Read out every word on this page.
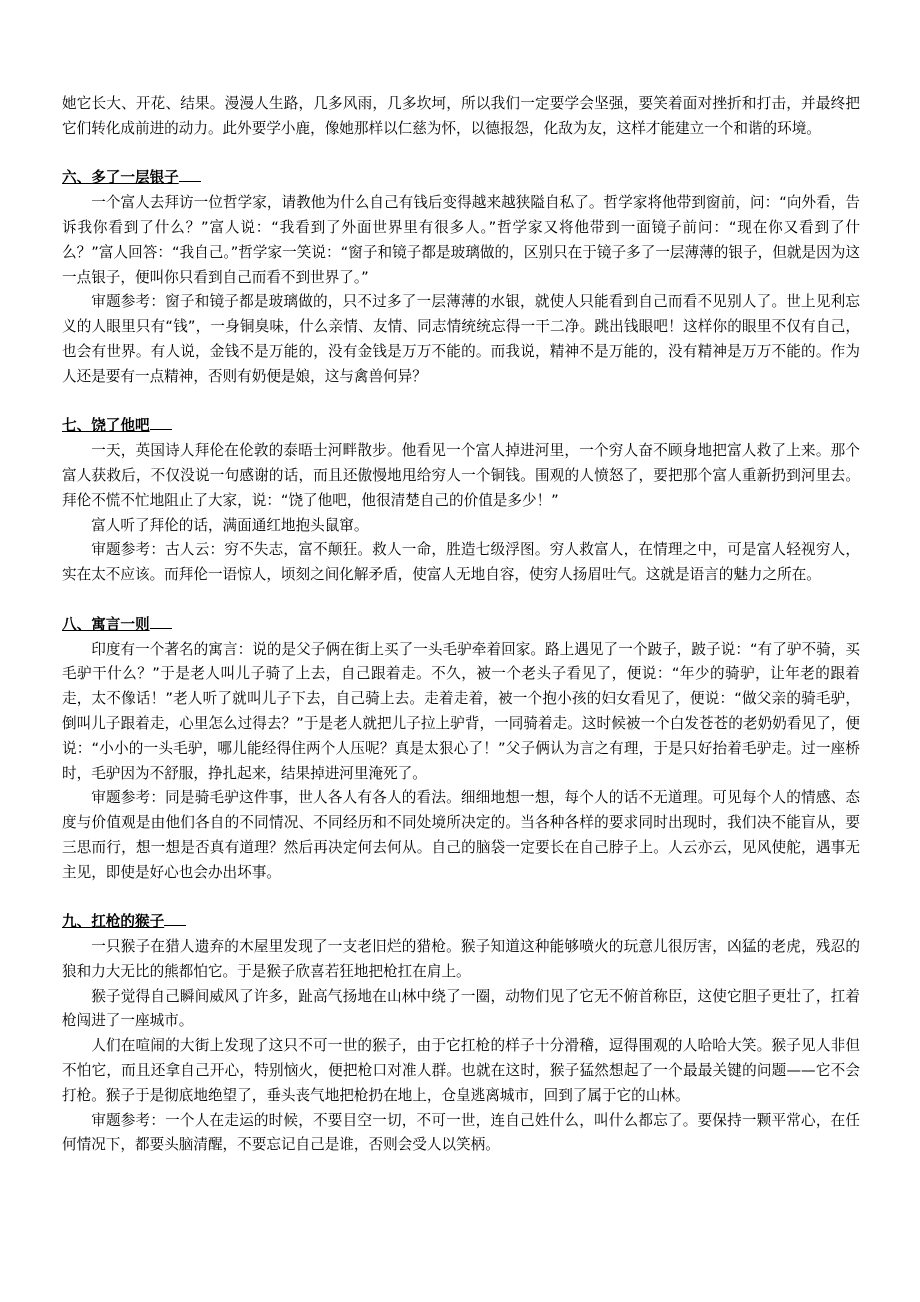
她它长大、开花、结果。漫漫人生路，几多风雨，几多坎坷，所以我们一定要学会坚强，要笑着面对挫折和打击，并最终把它们转化成前进的动力。此外要学小鹿，像她那样以仁慈为怀，以德报怨，化敌为友，这样才能建立一个和谐的环境。

六、多了一层银子

一个富人去拜访一位哲学家，请教他为什么自己有钱后变得越来越狭隘自私了。哲学家将他带到窗前，问：“向外看，告诉我你看到了什么？”富人说：“我看到了外面世界里有很多人。”哲学家又将他带到一面镜子前问：“现在你又看到了什么？”富人回答：“我自己。”哲学家一笑说：“窗子和镜子都是玻璃做的，区别只在于镜子多了一层薄薄的银子，但就是因为这一点银子，便叫你只看到自己而看不到世界了。”

审题参考：窗子和镜子都是玻璃做的，只不过多了一层薄薄的水银，就使人只能看到自己而看不见别人了。世上见利忘义的人眼里只有“钱”，一身铜臭味，什么亲情、友情、同志情统统忘得一干二净。跳出钱眼吧！这样你的眼里不仅有自己，也会有世界。有人说，金钱不是万能的，没有金钱是万万不能的。而我说，精神不是万能的，没有精神是万万不能的。作为人还是要有一点精神，否则有奶便是娘，这与禽兽何异？

七、饶了他吧

一天，英国诗人拜伦在伦敦的泰晤士河畔散步。他看见一个富人掉进河里，一个穷人奋不顾身地把富人救了上来。那个富人获救后，不仅没说一句感谢的话，而且还傲慢地甩给穷人一个铜钱。围观的人愤怒了，要把那个富人重新扔到河里去。拜伦不慌不忙地阻止了大家，说：“饶了他吧，他很清楚自己的价值是多少！”

富人听了拜伦的话，满面通红地抱头鼠窜。

审题参考：古人云：穷不失志，富不颠狂。救人一命，胜造七级浮图。穷人救富人，在情理之中，可是富人轻视穷人，实在太不应该。而拜伦一语惊人，顷刻之间化解矛盾，使富人无地自容，使穷人扬眉吐气。这就是语言的魅力之所在。

八、寓言一则

印度有一个著名的寓言：说的是父子俩在街上买了一头毛驴牵着回家。路上遇见了一个跛子，跛子说：“有了驴不骑，买毛驴干什么？”于是老人叫儿子骑了上去，自己跟着走。不久，被一个老头子看见了，便说：“年少的骑驴，让年老的跟着走，太不像话！”老人听了就叫儿子下去，自己骑上去。走着走着，被一个抱小孩的妇女看见了，便说：“做父亲的骑毛驴，倒叫儿子跟着走，心里怎么过得去？”于是老人就把儿子拉上驴背，一同骑着走。这时候被一个白发苍苍的老奶奶看见了，便说：“小小的一头毛驴，哪儿能经得住两个人压呢？真是太狠心了！”父子俩认为言之有理，于是只好抬着毛驴走。过一座桥时，毛驴因为不舒服，挣扎起来，结果掉进河里淹死了。

审题参考：同是骑毛驴这件事，世人各人有各人的看法。细细地想一想，每个人的话不无道理。可见每个人的情感、态度与价值观是由他们各自的不同情况、不同经历和不同处境所决定的。当各种各样的要求同时出现时，我们决不能盲从，要三思而行，想一想是否真有道理？然后再决定何去何从。自己的脑袋一定要长在自己脖子上。人云亦云，见风使舵，遇事无主见，即使是好心也会办出坏事。

九、扛枪的猴子

一只猴子在猎人遗弃的木屋里发现了一支老旧烂的猎枪。猴子知道这种能够喷火的玩意儿很厉害，凶猛的老虎，残忍的狼和力大无比的熊都怕它。于是猴子欣喜若狂地把枪扛在肩上。

猴子觉得自己瞬间威风了许多，趾高气扬地在山林中绕了一圈，动物们见了它无不俯首称臣，这使它胆子更壮了，扛着枪闯进了一座城市。

人们在喧闹的大街上发现了这只不可一世的猴子，由于它扛枪的样子十分滑稽，逗得围观的人哈哈大笑。猴子见人非但不怕它，而且还拿自己开心，特别恼火，便把枪口对准人群。也就在这时，猴子猛然想起了一个最最关键的问题——它不会打枪。猴子于是彻底地绝望了，垂头丧气地把枪扔在地上，仓皇逃离城市，回到了属于它的山林。

审题参考：一个人在走运的时候，不要目空一切，不可一世，连自己姓什么，叫什么都忘了。要保持一颗平常心，在任何情况下，都要头脑清醒，不要忘记自己是谁，否则会受人以笑柄。
